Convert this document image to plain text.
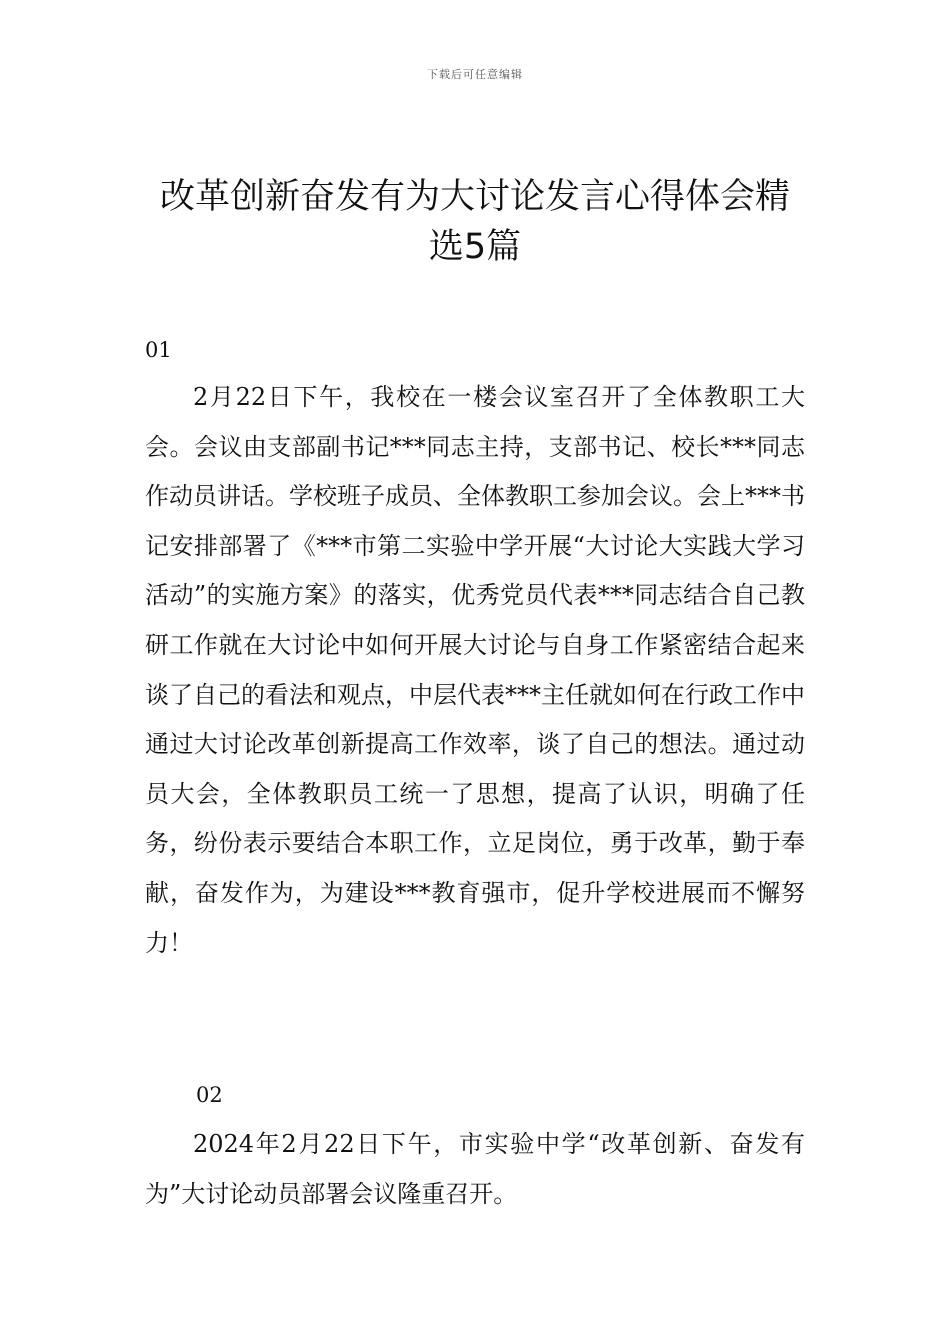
下载后可任意编辑
改革创新奋发有为大讨论发言心得体会精选5篇
01

2月22日下午，我校在一楼会议室召开了全体教职工大会。会议由支部副书记***同志主持，支部书记、校长***同志作动员讲话。学校班子成员、全体教职工参加会议。会上***书记安排部署了《***市第二实验中学开展“大讨论大实践大学习活动”的实施方案》的落实，优秀党员代表***同志结合自己教研工作就在大讨论中如何开展大讨论与自身工作紧密结合起来谈了自己的看法和观点，中层代表***主任就如何在行政工作中通过大讨论改革创新提高工作效率，谈了自己的想法。通过动员大会，全体教职员工统一了思想，提高了认识，明确了任务，纷份表示要结合本职工作，立足岗位，勇于改革，勤于奉献，奋发作为，为建设***教育强市，促升学校进展而不懈努力！

02

2024年2月22日下午，市实验中学“改革创新、奋发有为”大讨论动员部署会议隆重召开。
